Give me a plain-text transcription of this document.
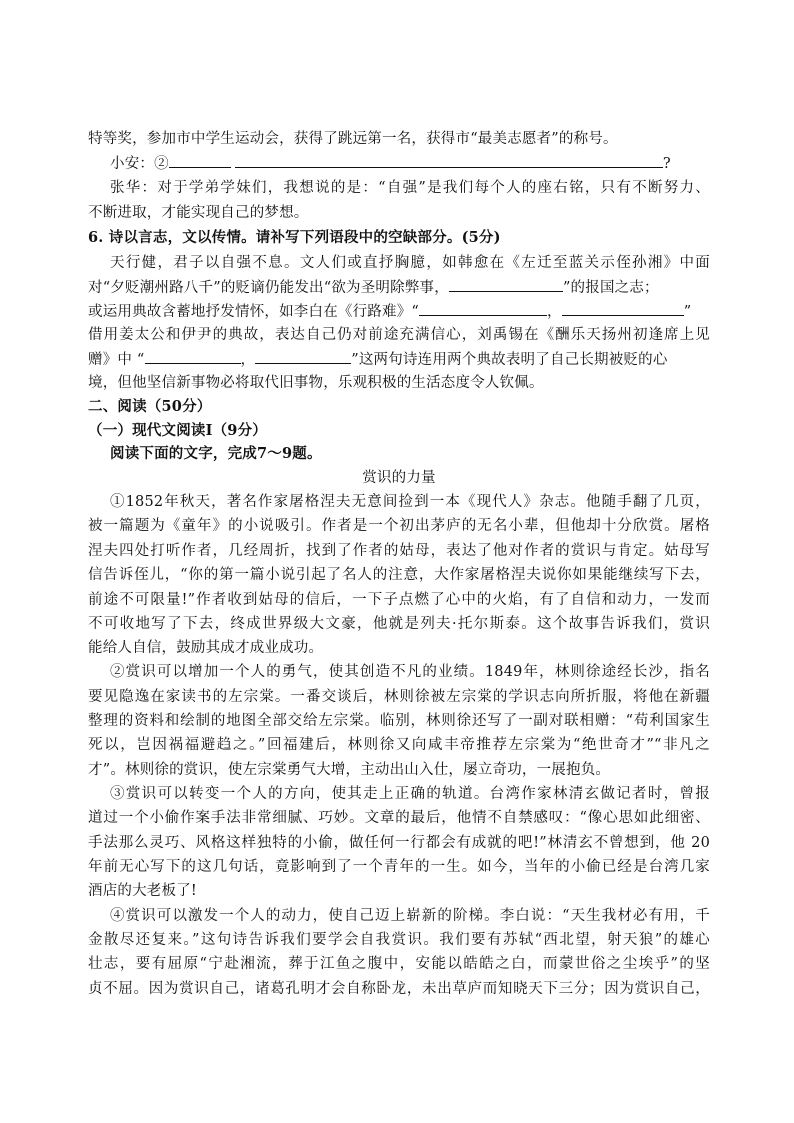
特等奖，参加市中学生运动会，获得了跳远第一名，获得市“最美志愿者”的称号。
小安：②	?
张华：对于学弟学妹们，我想说的是：“自强”是我们每个人的座右铭，只有不断努力、
不断进取，才能实现自己的梦想。
6. 诗以言志，文以传情。请补写下列语段中的空缺部分。(5分)
天行健，君子以自强不息。文人们或直抒胸臆，如韩愈在《左迁至蓝关示侄孙湘》中面
对“夕贬潮州路八千”的贬谪仍能发出“欲为圣明除弊事，	”的报国之志；
或运用典故含蓄地抒发情怀，如李白在《行路难》“	，	”
借用姜太公和伊尹的典故，表达自己仍对前途充满信心，刘禹锡在《酬乐天扬州初逢席上见
赠》中 “	，	”这两句诗连用两个典故表明了自己长期被贬的心
境，但他坚信新事物必将取代旧事物，乐观积极的生活态度令人钦佩。
二、阅读（50分）
（一）现代文阅读Ⅰ（9分）
阅读下面的文字，完成7～9题。
赏识的力量
①1852年秋天，著名作家屠格涅夫无意间捡到一本《现代人》杂志。他随手翻了几页，
被一篇题为《童年》的小说吸引。作者是一个初出茅庐的无名小辈，但他却十分欣赏。屠格
涅夫四处打听作者，几经周折，找到了作者的姑母，表达了他对作者的赏识与肯定。姑母写
信告诉侄儿，“你的第一篇小说引起了名人的注意，大作家屠格涅夫说你如果能继续写下去，
前途不可限量!”作者收到姑母的信后，一下子点燃了心中的火焰，有了自信和动力，一发而
不可收地写了下去，终成世界级大文豪，他就是列夫·托尔斯泰。这个故事告诉我们，赏识
能给人自信，鼓励其成才成业成功。
②赏识可以增加一个人的勇气，使其创造不凡的业绩。1849年，林则徐途经长沙，指名
要见隐逸在家读书的左宗棠。一番交谈后，林则徐被左宗棠的学识志向所折服，将他在新疆
整理的资料和绘制的地图全部交给左宗棠。临别，林则徐还写了一副对联相赠：“苟利国家生
死以，岂因祸福避趋之。”回福建后，林则徐又向咸丰帝推荐左宗棠为“绝世奇才”“非凡之
才”。林则徐的赏识，使左宗棠勇气大增，主动出山入仕，屡立奇功，一展抱负。
③赏识可以转变一个人的方向，使其走上正确的轨道。台湾作家林清玄做记者时，曾报
道过一个小偷作案手法非常细腻、巧妙。文章的最后，他情不自禁感叹：“像心思如此细密、
手法那么灵巧、风格这样独特的小偷，做任何一行都会有成就的吧!”林清玄不曾想到，他 20
年前无心写下的这几句话，竟影响到了一个青年的一生。如今，当年的小偷已经是台湾几家
酒店的大老板了!
④赏识可以激发一个人的动力，使自己迈上崭新的阶梯。李白说：“天生我材必有用，千
金散尽还复来。”这句诗告诉我们要学会自我赏识。我们要有苏轼“西北望，射天狼”的雄心
壮志，要有屈原“宁赴湘流，葬于江鱼之腹中，安能以皓皓之白，而蒙世俗之尘埃乎”的坚
贞不屈。因为赏识自己，诸葛孔明才会自称卧龙，未出草庐而知晓天下三分；因为赏识自己，
